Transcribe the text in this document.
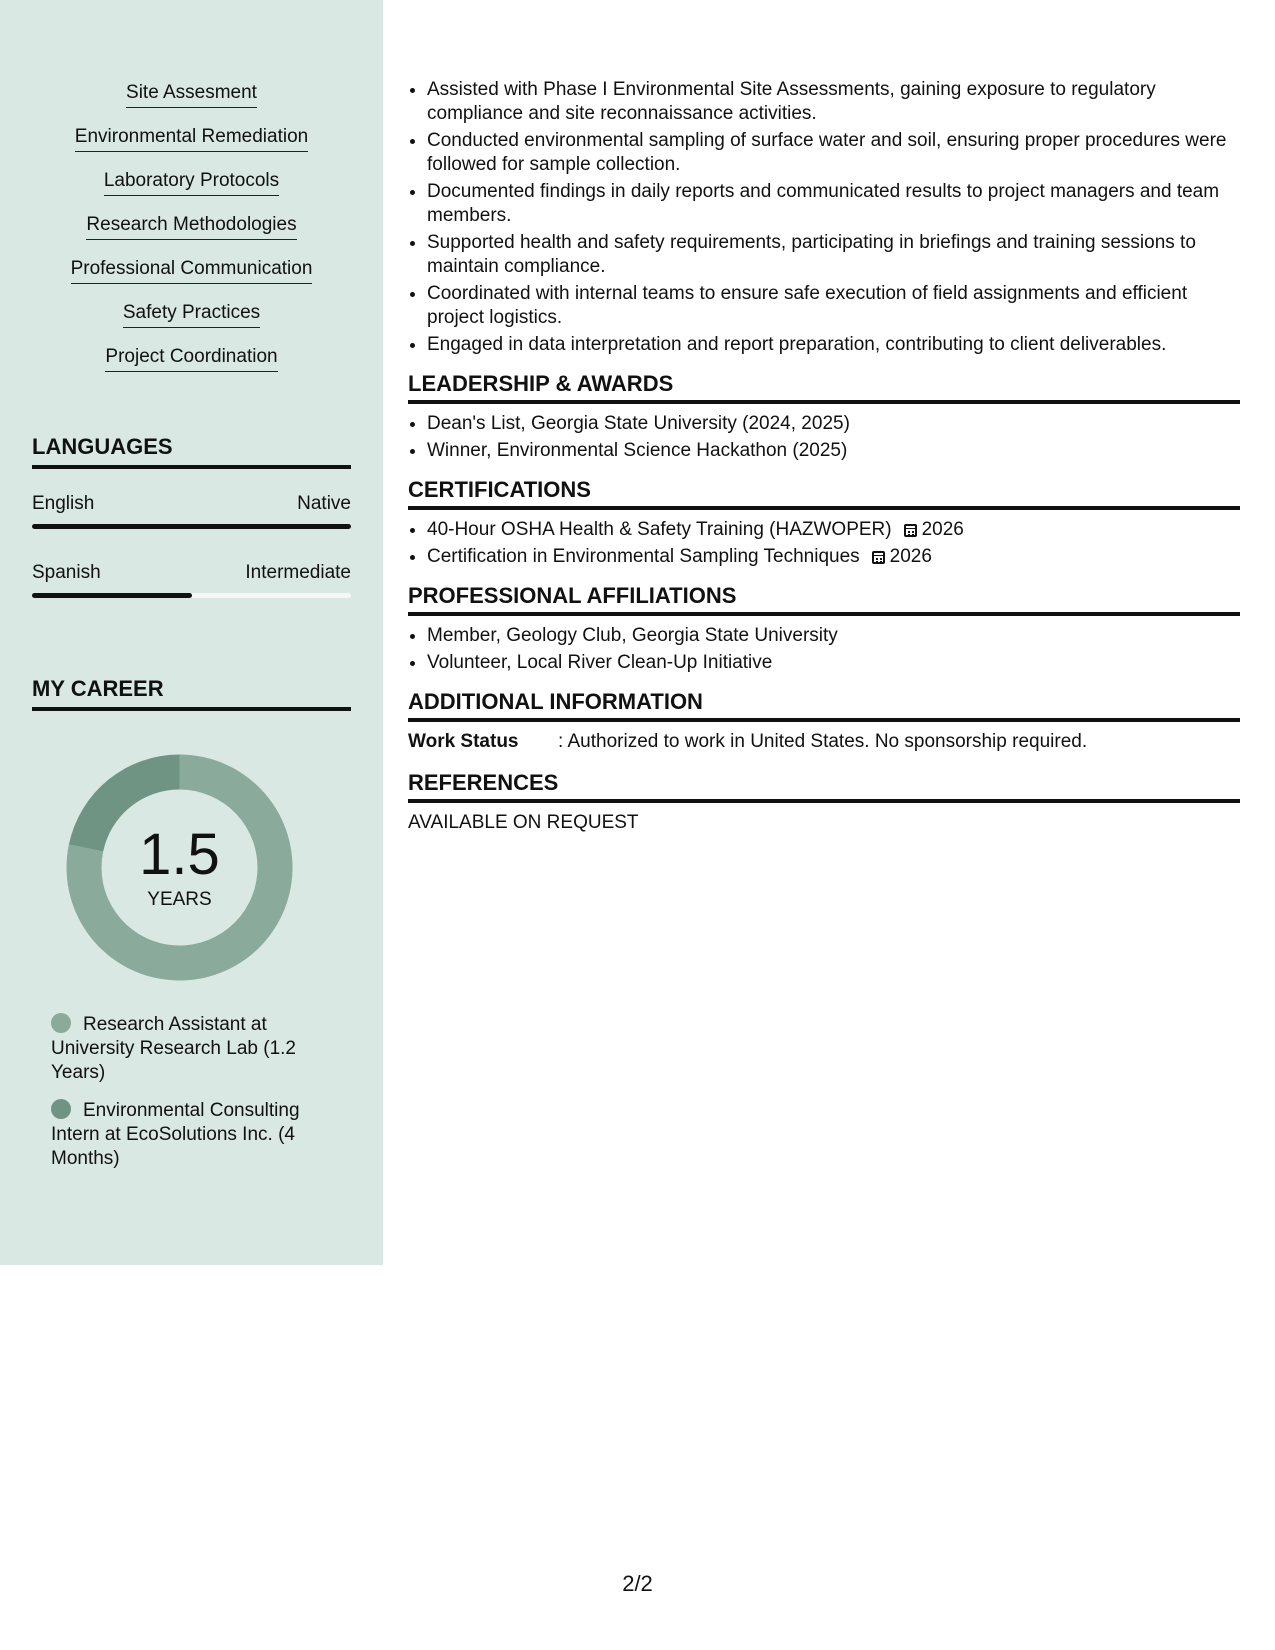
Site Assesment
Environmental Remediation
Laboratory Protocols
Research Methodologies
Professional Communication
Safety Practices
Project Coordination
LANGUAGES
English	Native
Spanish	Intermediate
MY CAREER
1.5
YEARS
Research Assistant at University Research Lab (1.2 Years)
Environmental Consulting Intern at EcoSolutions Inc. (4 Months)
• Assisted with Phase I Environmental Site Assessments, gaining exposure to regulatory compliance and site reconnaissance activities.
• Conducted environmental sampling of surface water and soil, ensuring proper procedures were followed for sample collection.
• Documented findings in daily reports and communicated results to project managers and team members.
• Supported health and safety requirements, participating in briefings and training sessions to maintain compliance.
• Coordinated with internal teams to ensure safe execution of field assignments and efficient project logistics.
• Engaged in data interpretation and report preparation, contributing to client deliverables.
LEADERSHIP & AWARDS
• Dean's List, Georgia State University (2024, 2025)
• Winner, Environmental Science Hackathon (2025)
CERTIFICATIONS
• 40-Hour OSHA Health & Safety Training (HAZWOPER) 2026
• Certification in Environmental Sampling Techniques 2026
PROFESSIONAL AFFILIATIONS
• Member, Geology Club, Georgia State University
• Volunteer, Local River Clean-Up Initiative
ADDITIONAL INFORMATION
Work Status	: Authorized to work in United States. No sponsorship required.
REFERENCES
AVAILABLE ON REQUEST
2/2
